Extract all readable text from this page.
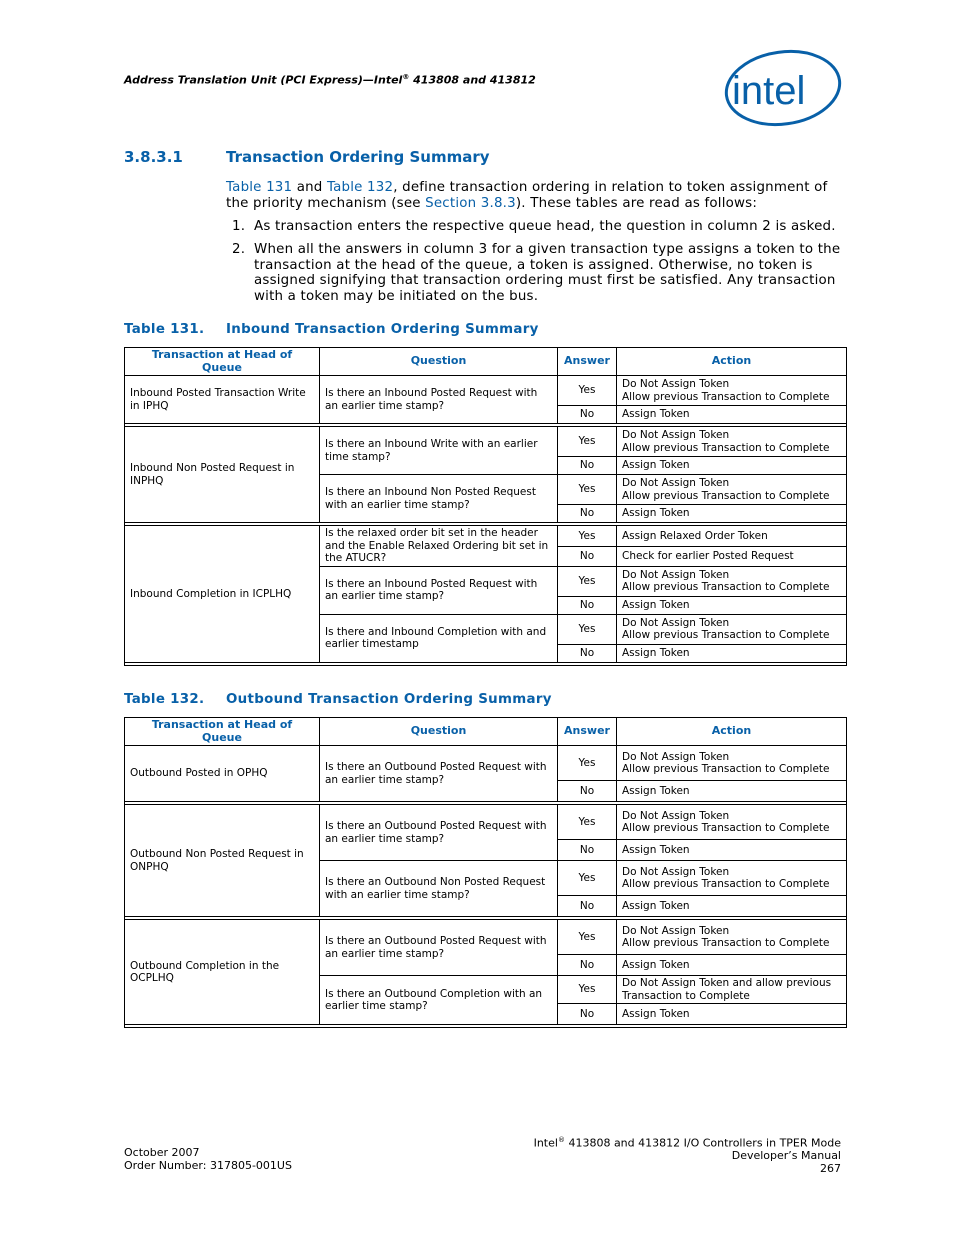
Address Translation Unit (PCI Express)—Intel® 413808 and 413812	intel
3.8.3.1	Transaction Ordering Summary
Table 131 and Table 132, define transaction ordering in relation to token assignment of the priority mechanism (see Section 3.8.3). These tables are read as follows:
1. As transaction enters the respective queue head, the question in column 2 is asked.
2. When all the answers in column 3 for a given transaction type assigns a token to the transaction at the head of the queue, a token is assigned. Otherwise, no token is assigned signifying that transaction ordering must first be satisfied. Any transaction with a token may be initiated on the bus.
Table 131. Inbound Transaction Ordering Summary
Transaction at Head of Queue	Question	Answer	Action
Inbound Posted Transaction Write in IPHQ	Is there an Inbound Posted Request with an earlier time stamp?	Yes	Do Not Assign Token
Allow previous Transaction to Complete
		No	Assign Token

Inbound Non Posted Request in INPHQ	Is there an Inbound Write with an earlier time stamp?	Yes	Do Not Assign Token
Allow previous Transaction to Complete
		No	Assign Token
	Is there an Inbound Non Posted Request with an earlier time stamp?	Yes	Do Not Assign Token
Allow previous Transaction to Complete
		No	Assign Token

Inbound Completion in ICPLHQ	Is the relaxed order bit set in the header and the Enable Relaxed Ordering bit set in the ATUCR?	Yes	Assign Relaxed Order Token
		No	Check for earlier Posted Request
	Is there an Inbound Posted Request with an earlier time stamp?	Yes	Do Not Assign Token
Allow previous Transaction to Complete
		No	Assign Token
	Is there and Inbound Completion with and earlier timestamp	Yes	Do Not Assign Token
Allow previous Transaction to Complete
		No	Assign Token

Table 132. Outbound Transaction Ordering Summary
Transaction at Head of Queue	Question	Answer	Action
Outbound Posted in OPHQ	Is there an Outbound Posted Request with an earlier time stamp?	Yes	Do Not Assign Token
Allow previous Transaction to Complete
		No	Assign Token

Outbound Non Posted Request in ONPHQ	Is there an Outbound Posted Request with an earlier time stamp?	Yes	Do Not Assign Token
Allow previous Transaction to Complete
		No	Assign Token
	Is there an Outbound Non Posted Request with an earlier time stamp?	Yes	Do Not Assign Token
Allow previous Transaction to Complete
		No	Assign Token

Outbound Completion in the OCPLHQ	Is there an Outbound Posted Request with an earlier time stamp?	Yes	Do Not Assign Token
Allow previous Transaction to Complete
		No	Assign Token
	Is there an Outbound Completion with an earlier time stamp?	Yes	Do Not Assign Token and allow previous Transaction to Complete
		No	Assign Token

October 2007
Order Number: 317805-001US
Intel® 413808 and 413812 I/O Controllers in TPER Mode
Developer’s Manual
267
